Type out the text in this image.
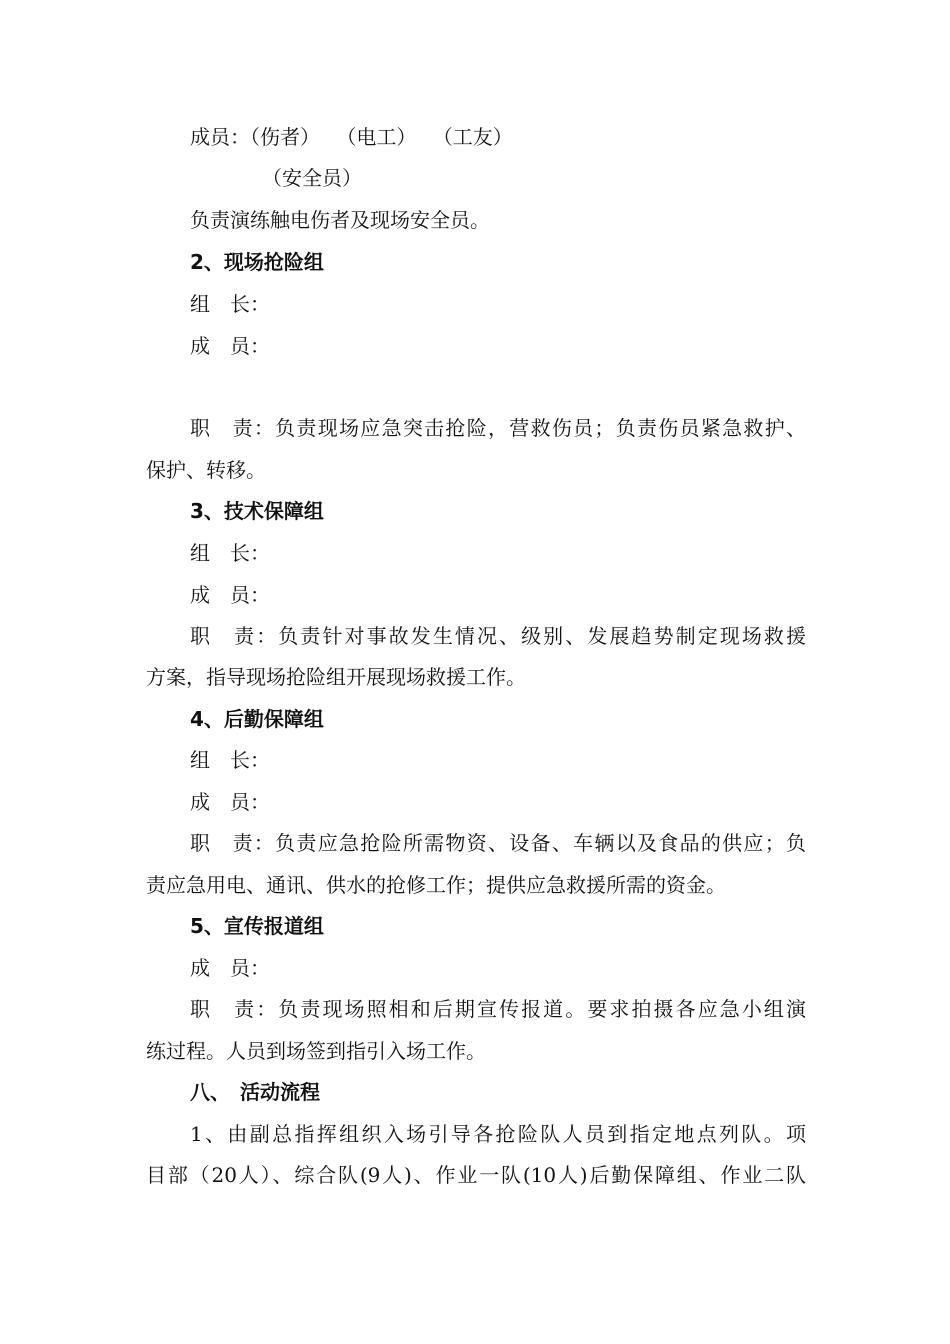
成员：（伤者）　 （电工）　 （工友）
（安全员）
负责演练触电伤者及现场安全员。
2、现场抢险组
组　长：
成　员：
职　责：负责现场应急突击抢险，营救伤员；负责伤员紧急救护、
保护、转移。
3、技术保障组
组　长：
成　员：
职　责：负责针对事故发生情况、级别、发展趋势制定现场救援
方案，指导现场抢险组开展现场救援工作。
4、后勤保障组
组　长：
成　员：
职　责：负责应急抢险所需物资、设备、车辆以及食品的供应；负
责应急用电、通讯、供水的抢修工作；提供应急救援所需的资金。
5、宣传报道组
成　员：
职　责：负责现场照相和后期宣传报道。要求拍摄各应急小组演
练过程。人员到场签到指引入场工作。
八、　活动流程
1、由副总指挥组织入场引导各抢险队人员到指定地点列队。项
目部（20人）、综合队(9人)、作业一队(10人)后勤保障组、作业二队
